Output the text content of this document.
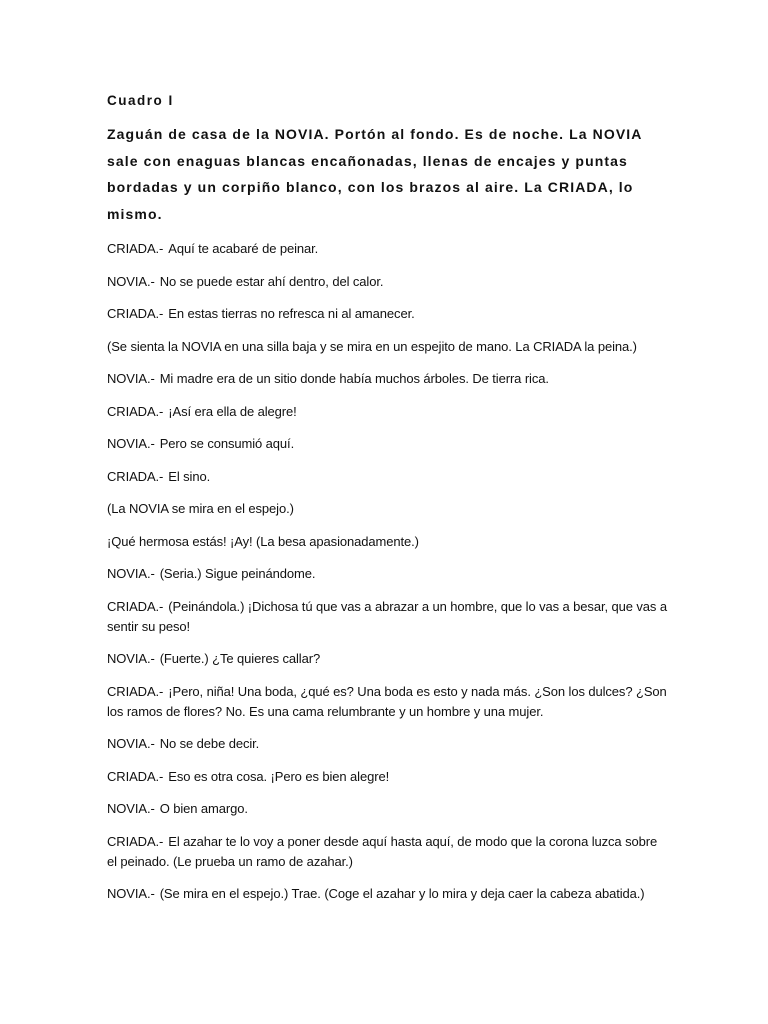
Cuadro I

Zaguán de casa de la NOVIA. Portón al fondo. Es de noche. La NOVIA sale con enaguas blancas encañonadas, llenas de encajes y puntas bordadas y un corpiño blanco, con los brazos al aire. La CRIADA, lo mismo.

CRIADA.- Aquí te acabaré de peinar.

NOVIA.- No se puede estar ahí dentro, del calor.

CRIADA.- En estas tierras no refresca ni al amanecer.

(Se sienta la NOVIA en una silla baja y se mira en un espejito de mano. La CRIADA la peina.)

NOVIA.- Mi madre era de un sitio donde había muchos árboles. De tierra rica.

CRIADA.- ¡Así era ella de alegre!

NOVIA.- Pero se consumió aquí.

CRIADA.- El sino.

(La NOVIA se mira en el espejo.)

¡Qué hermosa estás! ¡Ay! (La besa apasionadamente.)

NOVIA.- (Seria.) Sigue peinándome.

CRIADA.- (Peinándola.) ¡Dichosa tú que vas a abrazar a un hombre, que lo vas a besar, que vas a sentir su peso!

NOVIA.- (Fuerte.) ¿Te quieres callar?

CRIADA.- ¡Pero, niña! Una boda, ¿qué es? Una boda es esto y nada más. ¿Son los dulces? ¿Son los ramos de flores? No. Es una cama relumbrante y un hombre y una mujer.

NOVIA.- No se debe decir.

CRIADA.- Eso es otra cosa. ¡Pero es bien alegre!

NOVIA.- O bien amargo.

CRIADA.- El azahar te lo voy a poner desde aquí hasta aquí, de modo que la corona luzca sobre el peinado. (Le prueba un ramo de azahar.)

NOVIA.- (Se mira en el espejo.) Trae. (Coge el azahar y lo mira y deja caer la cabeza abatida.)
